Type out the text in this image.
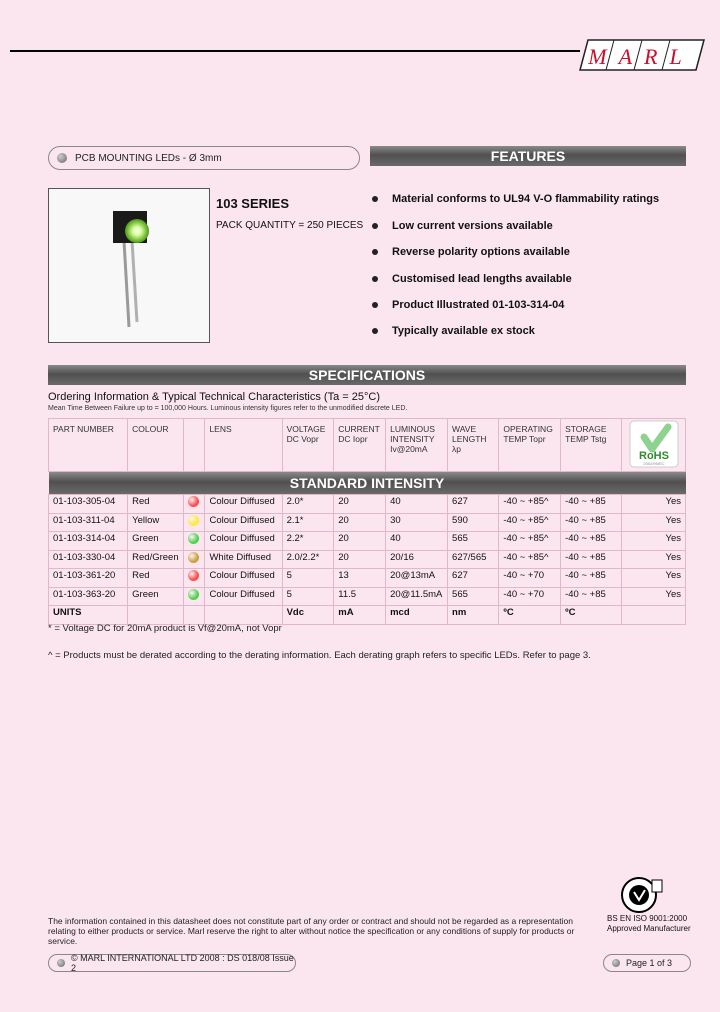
MARL
PCB MOUNTING LEDs - Ø 3mm	FEATURES
103 SERIES
PACK QUANTITY = 250 PIECES
Material conforms to UL94 V-O flammability ratings
Low current versions available
Reverse polarity options available
Customised lead lengths available
Product Illustrated 01-103-314-04
Typically available ex stock
SPECIFICATIONS
Ordering Information & Typical Technical Characteristics (Ta = 25°C)
Mean Time Between Failure up to = 100,000 Hours. Luminous intensity figures refer to the unmodified discrete LED.
PART NUMBER	COLOUR		LENS	VOLTAGE DC Vopr	CURRENT DC Iopr	LUMINOUS INTENSITY Iv@20mA	WAVE LENGTH λp	OPERATING TEMP Topr	STORAGE TEMP Tstg	RoHS
2002/95/EC

STANDARD INTENSITY										

01-103-305-04	Red		Colour Diffused	2.0*	20	40	627	-40 ~ +85^	-40 ~ +85	Yes
01-103-311-04	Yellow		Colour Diffused	2.1*	20	30	590	-40 ~ +85^	-40 ~ +85	Yes
01-103-314-04	Green		Colour Diffused	2.2*	20	40	565	-40 ~ +85^	-40 ~ +85	Yes
01-103-330-04	Red/Green		White Diffused	2.0/2.2*	20	20/16	627/565	-40 ~ +85^	-40 ~ +85	Yes
01-103-361-20	Red		Colour Diffused	5	13	20@13mA	627	-40 ~ +70	-40 ~ +85	Yes
01-103-363-20	Green		Colour Diffused	5	11.5	20@11.5mA	565	-40 ~ +70	-40 ~ +85	Yes
UNITS				Vdc	mA	mcd	nm	ºC	ºC	
* = Voltage DC for 20mA product is Vf@20mA, not Vopr
^ = Products must be derated according to the derating information. Each derating graph refers to specific LEDs. Refer to page 3.
BS EN ISO 9001:2000
Approved Manufacturer
The information contained in this datasheet does not constitute part of any order or contract and should not be regarded as a representation relating to either products or service. Marl reserve the right to alter without notice the specification or any conditions of supply for products or service.
© MARL INTERNATIONAL LTD 2008 : DS 018/08 Issue 2	Page 1 of 3
